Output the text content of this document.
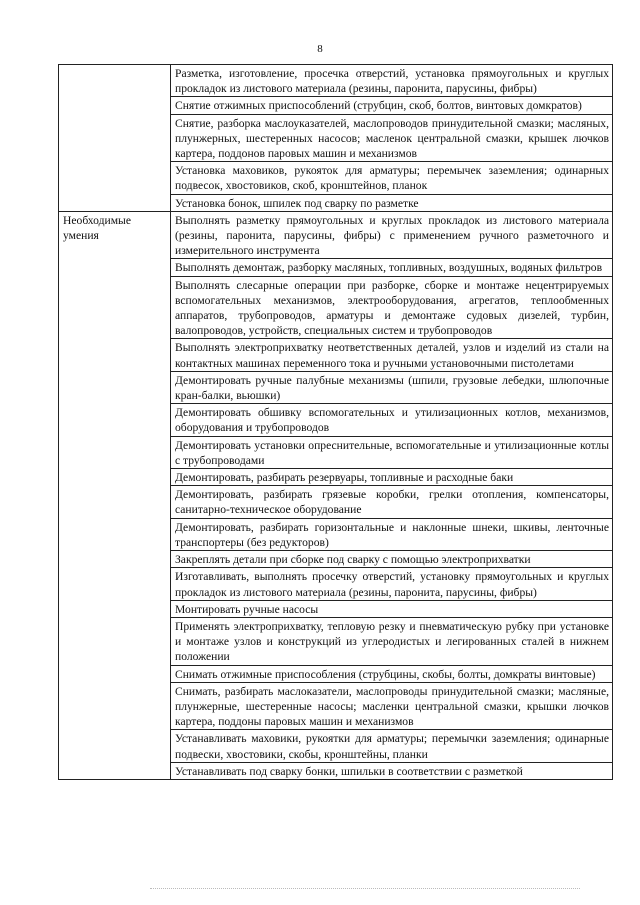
8
	Разметка, изготовление, просечка отверстий, установка прямоугольных и круглых прокладок из листового материала (резины, паронита, парусины, фибры)
	Снятие отжимных приспособлений (струбцин, скоб, болтов, винтовых домкратов)
	Снятие, разборка маслоуказателей, маслопроводов принудительной смазки; масляных, плунжерных, шестеренных насосов; масленок центральной смазки, крышек лючков картера, поддонов паровых машин и механизмов
	Установка маховиков, рукояток для арматуры; перемычек заземления; одинарных подвесок, хвостовиков, скоб, кронштейнов, планок
	Установка бонок, шпилек под сварку по разметке
Необходимые умения	Выполнять разметку прямоугольных и круглых прокладок из листового материала (резины, паронита, парусины, фибры) с применением ручного разметочного и измерительного инструмента
	Выполнять демонтаж, разборку масляных, топливных, воздушных, водяных фильтров
	Выполнять слесарные операции при разборке, сборке и монтаже нецентрируемых вспомогательных механизмов, электрооборудования, агрегатов, теплообменных аппаратов, трубопроводов, арматуры и демонтаже судовых дизелей, турбин, валопроводов, устройств, специальных систем и трубопроводов
	Выполнять электроприхватку неответственных деталей, узлов и изделий из стали на контактных машинах переменного тока и ручными установочными пистолетами
	Демонтировать ручные палубные механизмы (шпили, грузовые лебедки, шлюпочные кран-балки, вьюшки)
	Демонтировать обшивку вспомогательных и утилизационных котлов, механизмов, оборудования и трубопроводов
	Демонтировать установки опреснительные, вспомогательные и утилизационные котлы с трубопроводами
	Демонтировать, разбирать резервуары, топливные и расходные баки
	Демонтировать, разбирать грязевые коробки, грелки отопления, компенсаторы, санитарно-техническое оборудование
	Демонтировать, разбирать горизонтальные и наклонные шнеки, шкивы, ленточные транспортеры (без редукторов)
	Закреплять детали при сборке под сварку с помощью электроприхватки
	Изготавливать, выполнять просечку отверстий, установку прямоугольных и круглых прокладок из листового материала (резины, паронита, парусины, фибры)
	Монтировать ручные насосы
	Применять электроприхватку, тепловую резку и пневматическую рубку при установке и монтаже узлов и конструкций из углеродистых и легированных сталей в нижнем положении
	Снимать отжимные приспособления (струбцины, скобы, болты, домкраты винтовые)
	Снимать, разбирать маслоказатели, маслопроводы принудительной смазки; масляные, плунжерные, шестеренные насосы; масленки центральной смазки, крышки лючков картера, поддоны паровых машин и механизмов
	Устанавливать маховики, рукоятки для арматуры; перемычки заземления; одинарные подвески, хвостовики, скобы, кронштейны, планки
	Устанавливать под сварку бонки, шпильки в соответствии с разметкой
